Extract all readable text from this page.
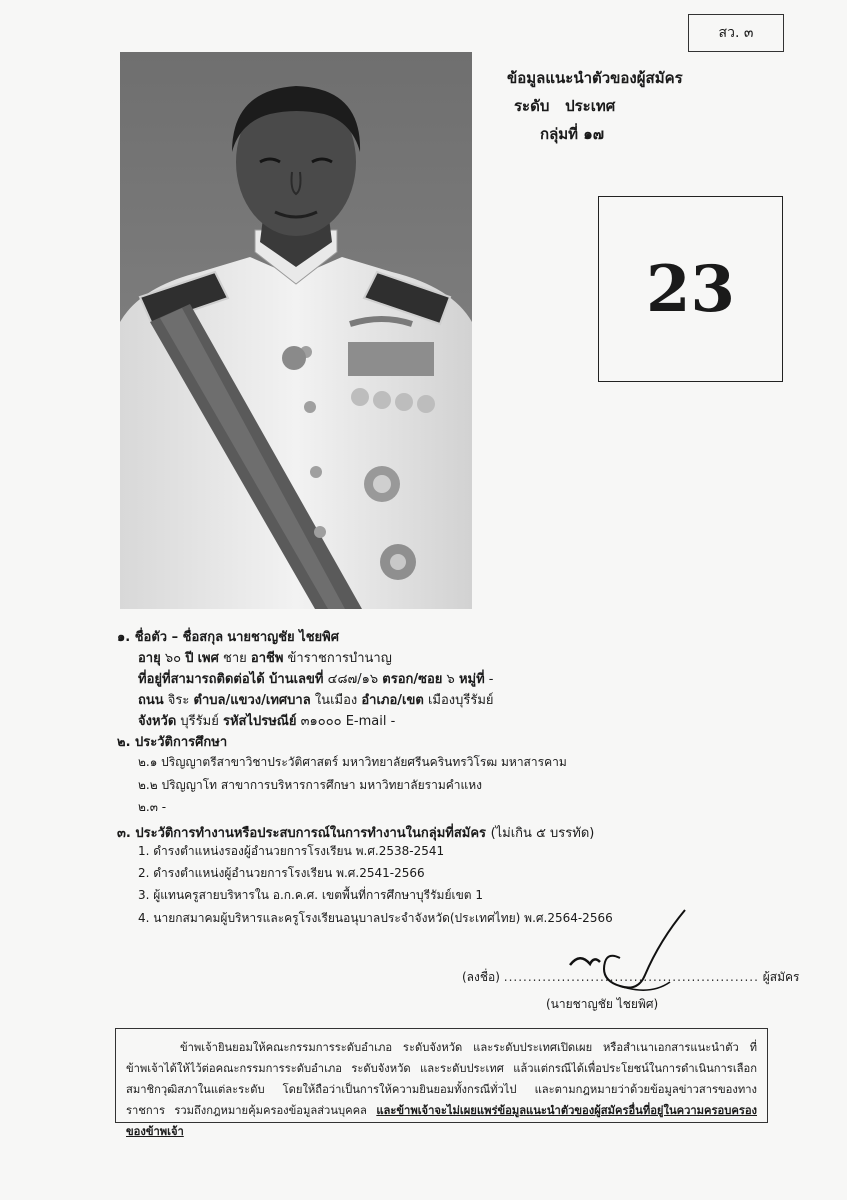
สว. ๓
ข้อมูลแนะนำตัวของผู้สมัคร
ระดับ ประเทศ
กลุ่มที่ ๑๗
23
๑. ชื่อตัว – ชื่อสกุล นายชาญชัย ไชยพิศ
อายุ ๖๐ ปี เพศ ชาย อาชีพ ข้าราชการบำนาญ
ที่อยู่ที่สามารถติดต่อได้ บ้านเลขที่ ๔๘๗/๑๖ ตรอก/ซอย ๖ หมู่ที่ -
ถนน จิระ ตำบล/แขวง/เทศบาล ในเมือง อำเภอ/เขต เมืองบุรีรัมย์
จังหวัด บุรีรัมย์ รหัสไปรษณีย์ ๓๑๐๐๐ E-mail -
๒. ประวัติการศึกษา
๒.๑ ปริญญาตรีสาขาวิชาประวัติศาสตร์ มหาวิทยาลัยศรีนครินทรวิโรฒ มหาสารคาม
๒.๒ ปริญญาโท สาขาการบริหารการศึกษา มหาวิทยาลัยรามคำแหง
๒.๓ -
๓. ประวัติการทำงานหรือประสบการณ์ในการทำงานในกลุ่มที่สมัคร (ไม่เกิน ๕ บรรทัด)
1. ดำรงตำแหน่งรองผู้อำนวยการโรงเรียน พ.ศ.2538-2541
2. ดำรงตำแหน่งผู้อำนวยการโรงเรียน พ.ศ.2541-2566
3. ผู้แทนครูสายบริหารใน อ.ก.ค.ศ. เขตพื้นที่การศึกษาบุรีรัมย์เขต 1
4. นายกสมาคมผู้บริหารและครูโรงเรียนอนุบาลประจำจังหวัด(ประเทศไทย) พ.ศ.2564-2566
(ลงชื่อ) ..................................................... ผู้สมัคร
(นายชาญชัย ไชยพิศ)
ข้าพเจ้ายินยอมให้คณะกรรมการระดับอำเภอ ระดับจังหวัด และระดับประเทศเปิดเผย หรือสำเนาเอกสารแนะนำตัว ที่ข้าพเจ้าได้ให้ไว้ต่อคณะกรรมการระดับอำเภอ ระดับจังหวัด และระดับประเทศ แล้วแต่กรณีได้เพื่อประโยชน์ในการดำเนินการเลือกสมาชิกวุฒิสภาในแต่ละระดับ โดยให้ถือว่าเป็นการให้ความยินยอมทั้งกรณีทั่วไป และตามกฎหมายว่าด้วยข้อมูลข่าวสารของทางราชการ รวมถึงกฎหมายคุ้มครองข้อมูลส่วนบุคคล และข้าพเจ้าจะไม่เผยแพร่ข้อมูลแนะนำตัวของผู้สมัครอื่นที่อยู่ในความครอบครองของข้าพเจ้า
